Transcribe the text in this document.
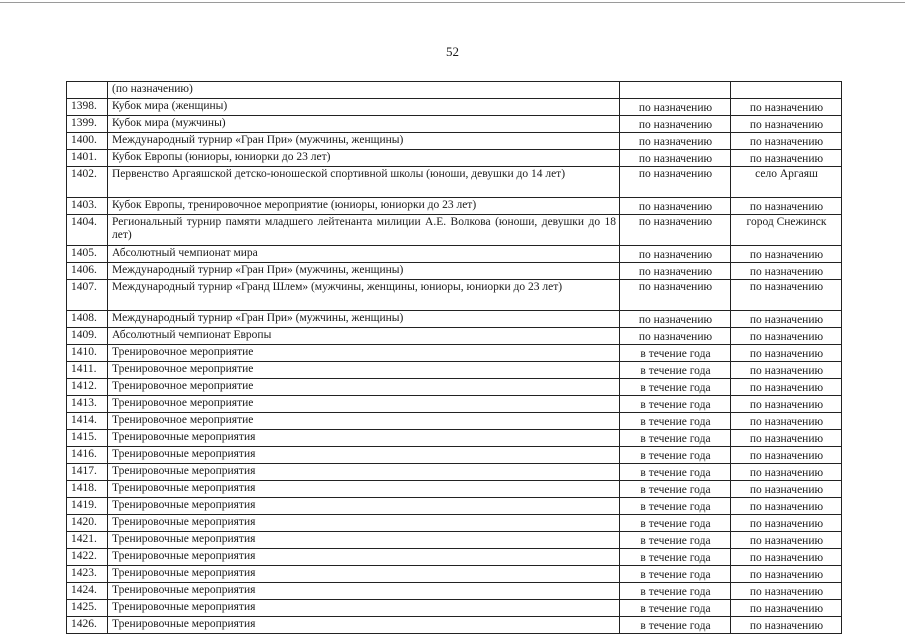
52
	(по назначению)		
1398.	Кубок мира (женщины)	по назначению	по назначению
1399.	Кубок мира (мужчины)	по назначению	по назначению
1400.	Международный турнир «Гран При» (мужчины, женщины)	по назначению	по назначению
1401.	Кубок Европы (юниоры, юниорки до 23 лет)	по назначению	по назначению
1402.	Первенство Аргаяшской детско-юношеской спортивной школы (юноши, девушки до 14 лет)	по назначению	село Аргаяш
1403.	Кубок Европы, тренировочное мероприятие (юниоры, юниорки до 23 лет)	по назначению	по назначению
1404.	Региональный турнир памяти младшего лейтенанта милиции А.Е. Волкова (юноши, девушки до 18 лет)	по назначению	город Снежинск
1405.	Абсолютный чемпионат мира	по назначению	по назначению
1406.	Международный турнир «Гран При» (мужчины, женщины)	по назначению	по назначению
1407.	Международный турнир «Гранд Шлем» (мужчины, женщины, юниоры, юниорки до 23 лет)	по назначению	по назначению
1408.	Международный турнир «Гран При» (мужчины, женщины)	по назначению	по назначению
1409.	Абсолютный чемпионат Европы	по назначению	по назначению
1410.	Тренировочное мероприятие	в течение года	по назначению
1411.	Тренировочное мероприятие	в течение года	по назначению
1412.	Тренировочное мероприятие	в течение года	по назначению
1413.	Тренировочное мероприятие	в течение года	по назначению
1414.	Тренировочное мероприятие	в течение года	по назначению
1415.	Тренировочные мероприятия	в течение года	по назначению
1416.	Тренировочные мероприятия	в течение года	по назначению
1417.	Тренировочные мероприятия	в течение года	по назначению
1418.	Тренировочные мероприятия	в течение года	по назначению
1419.	Тренировочные мероприятия	в течение года	по назначению
1420.	Тренировочные мероприятия	в течение года	по назначению
1421.	Тренировочные мероприятия	в течение года	по назначению
1422.	Тренировочные мероприятия	в течение года	по назначению
1423.	Тренировочные мероприятия	в течение года	по назначению
1424.	Тренировочные мероприятия	в течение года	по назначению
1425.	Тренировочные мероприятия	в течение года	по назначению
1426.	Тренировочные мероприятия	в течение года	по назначению
